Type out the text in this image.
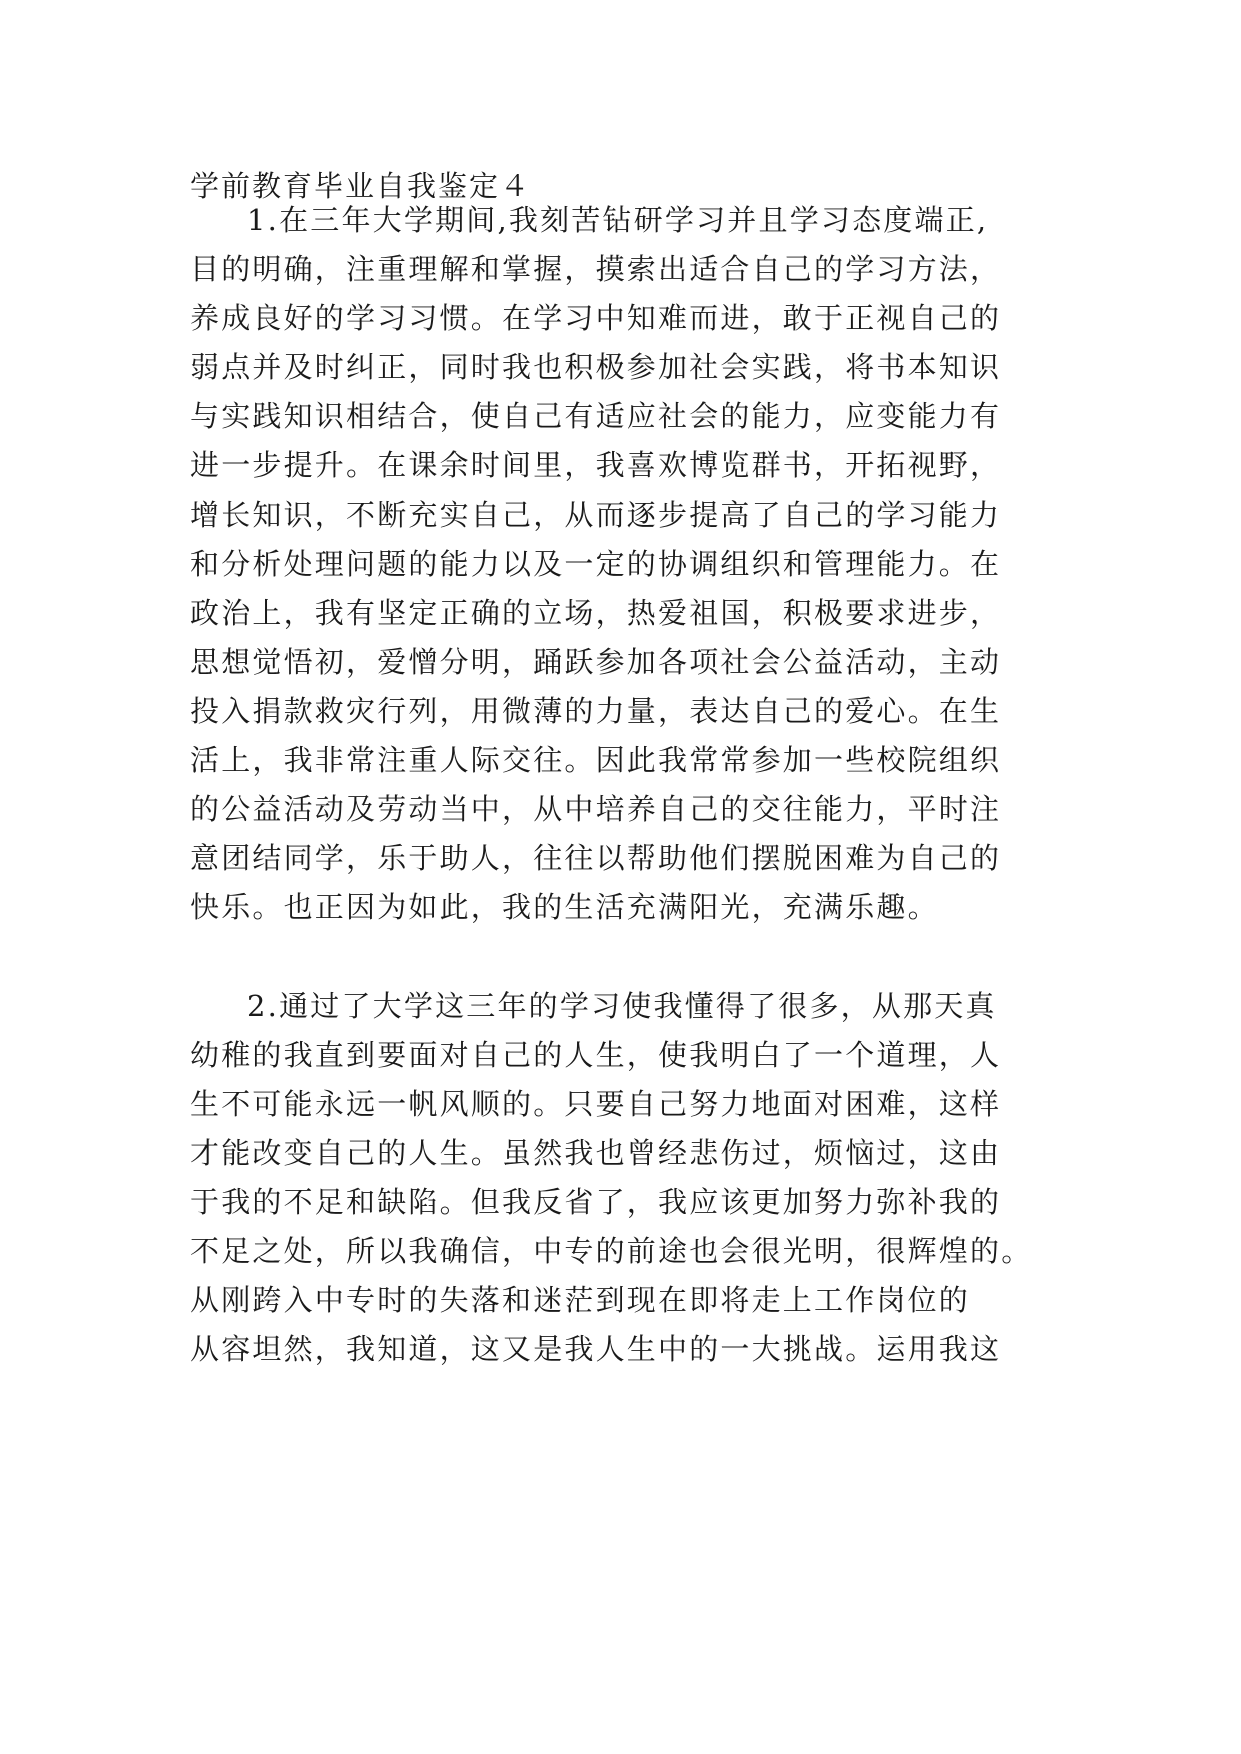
学前教育毕业自我鉴定４
1.在三年大学期间,我刻苦钻研学习并且学习态度端正,
目的明确，注重理解和掌握，摸索出适合自己的学习方法，
养成良好的学习习惯。在学习中知难而进，敢于正视自己的
弱点并及时纠正，同时我也积极参加社会实践，将书本知识
与实践知识相结合，使自己有适应社会的能力，应变能力有
进一步提升。在课余时间里，我喜欢博览群书，开拓视野，
增长知识，不断充实自己，从而逐步提高了自己的学习能力
和分析处理问题的能力以及一定的协调组织和管理能力。在
政治上，我有坚定正确的立场，热爱祖国，积极要求进步，
思想觉悟初，爱憎分明，踊跃参加各项社会公益活动，主动
投入捐款救灾行列，用微薄的力量，表达自己的爱心。在生
活上，我非常注重人际交往。因此我常常参加一些校院组织
的公益活动及劳动当中，从中培养自己的交往能力，平时注
意团结同学，乐于助人，往往以帮助他们摆脱困难为自己的
快乐。也正因为如此，我的生活充满阳光，充满乐趣。
2.通过了大学这三年的学习使我懂得了很多，从那天真
幼稚的我直到要面对自己的人生，使我明白了一个道理，人
生不可能永远一帆风顺的。只要自己努力地面对困难，这样
才能改变自己的人生。虽然我也曾经悲伤过，烦恼过，这由
于我的不足和缺陷。但我反省了，我应该更加努力弥补我的
不足之处，所以我确信，中专的前途也会很光明，很辉煌的。
从刚跨入中专时的失落和迷茫到现在即将走上工作岗位的
从容坦然，我知道，这又是我人生中的一大挑战。运用我这
